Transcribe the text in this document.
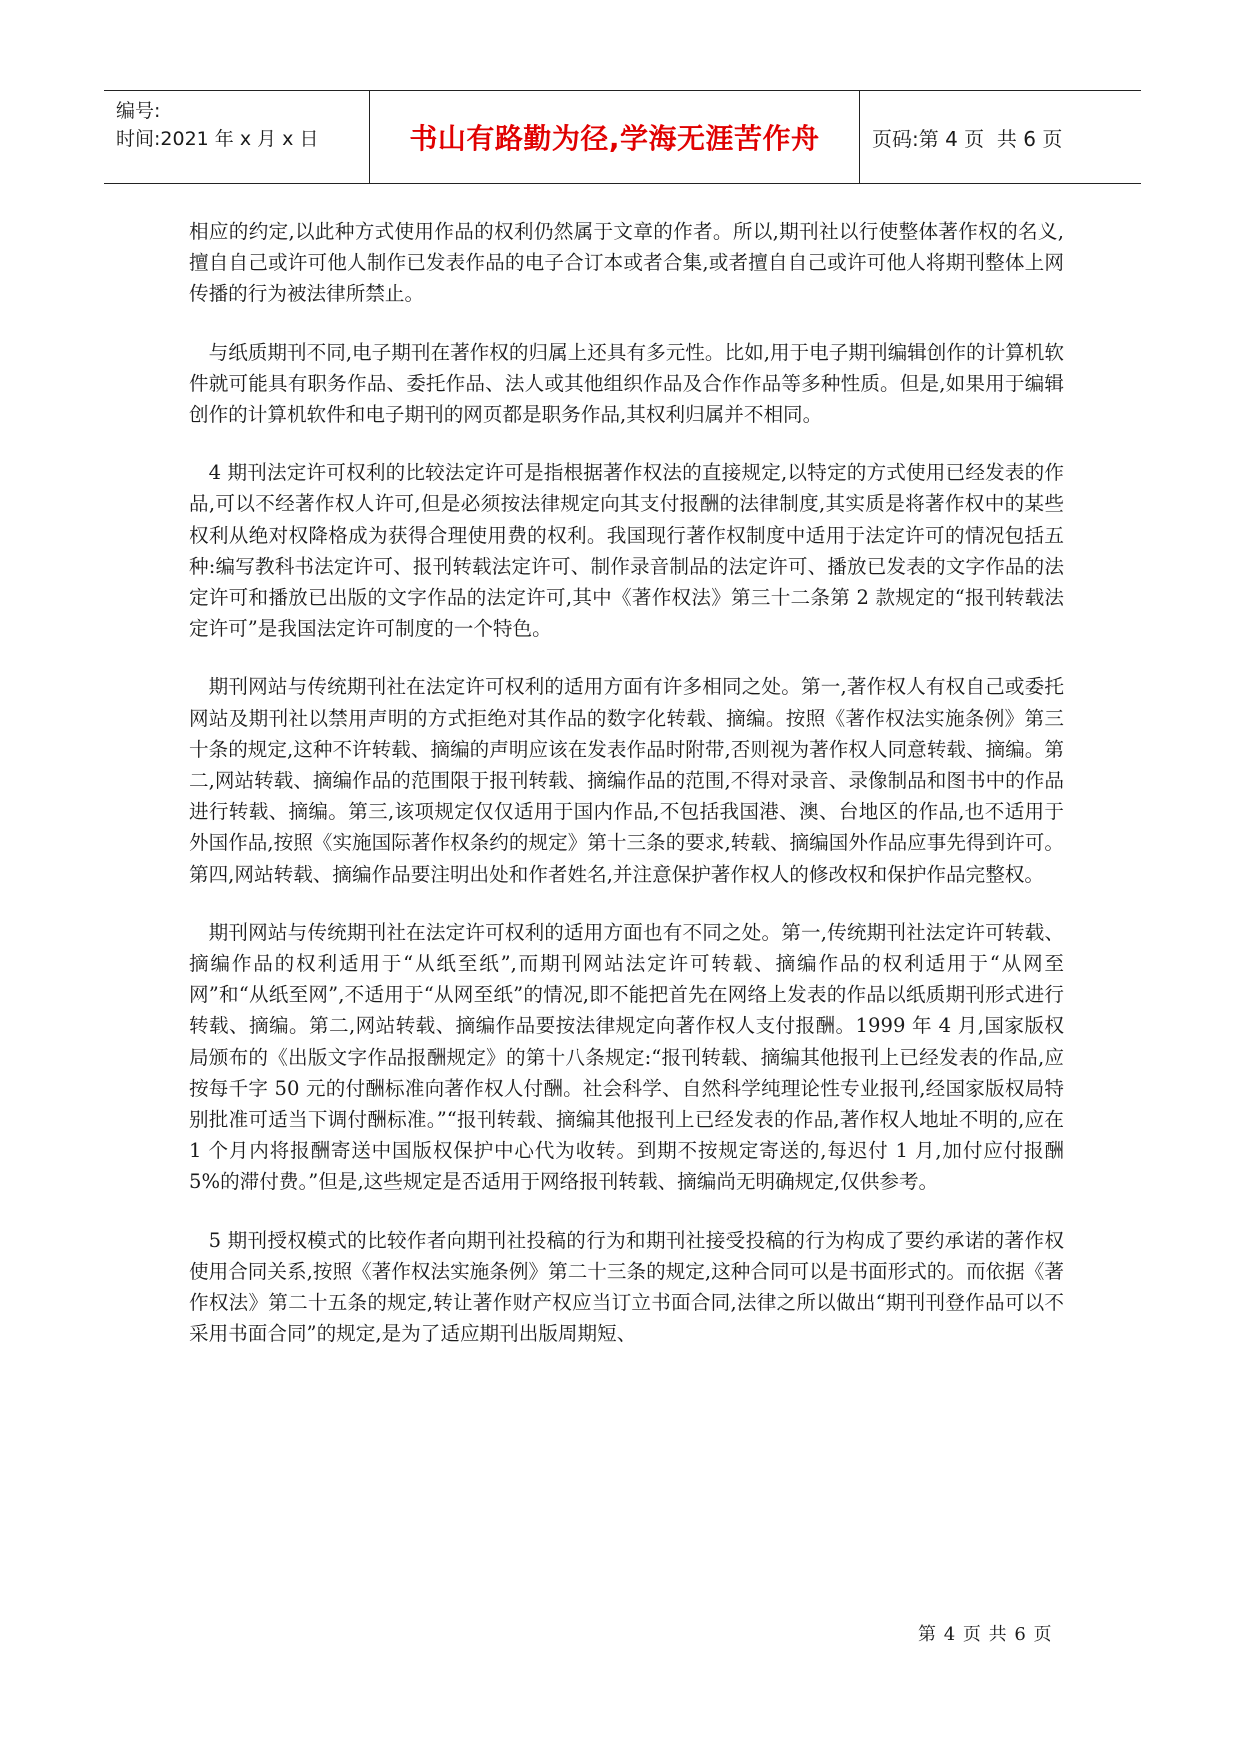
编号:
时间:2021 年 x 月 x 日	书山有路勤为径,学海无涯苦作舟	页码:第 4 页  共 6 页

相应的约定,以此种方式使用作品的权利仍然属于文章的作者。所以,期刊社以行使整体著作权的名义,擅自自己或许可他人制作已发表作品的电子合订本或者合集,或者擅自自己或许可他人将期刊整体上网传播的行为被法律所禁止。

与纸质期刊不同,电子期刊在著作权的归属上还具有多元性。比如,用于电子期刊编辑创作的计算机软件就可能具有职务作品、委托作品、法人或其他组织作品及合作作品等多种性质。但是,如果用于编辑创作的计算机软件和电子期刊的网页都是职务作品,其权利归属并不相同。

4 期刊法定许可权利的比较法定许可是指根据著作权法的直接规定,以特定的方式使用已经发表的作品,可以不经著作权人许可,但是必须按法律规定向其支付报酬的法律制度,其实质是将著作权中的某些权利从绝对权降格成为获得合理使用费的权利。我国现行著作权制度中适用于法定许可的情况包括五种:编写教科书法定许可、报刊转载法定许可、制作录音制品的法定许可、播放已发表的文字作品的法定许可和播放已出版的文字作品的法定许可,其中《著作权法》第三十二条第 2 款规定的“报刊转载法定许可”是我国法定许可制度的一个特色。

期刊网站与传统期刊社在法定许可权利的适用方面有许多相同之处。第一,著作权人有权自己或委托网站及期刊社以禁用声明的方式拒绝对其作品的数字化转载、摘编。按照《著作权法实施条例》第三十条的规定,这种不许转载、摘编的声明应该在发表作品时附带,否则视为著作权人同意转载、摘编。第二,网站转载、摘编作品的范围限于报刊转载、摘编作品的范围,不得对录音、录像制品和图书中的作品进行转载、摘编。第三,该项规定仅仅适用于国内作品,不包括我国港、澳、台地区的作品,也不适用于外国作品,按照《实施国际著作权条约的规定》第十三条的要求,转载、摘编国外作品应事先得到许可。第四,网站转载、摘编作品要注明出处和作者姓名,并注意保护著作权人的修改权和保护作品完整权。

期刊网站与传统期刊社在法定许可权利的适用方面也有不同之处。第一,传统期刊社法定许可转载、摘编作品的权利适用于“从纸至纸”,而期刊网站法定许可转载、摘编作品的权利适用于“从网至网”和“从纸至网”,不适用于“从网至纸”的情况,即不能把首先在网络上发表的作品以纸质期刊形式进行转载、摘编。第二,网站转载、摘编作品要按法律规定向著作权人支付报酬。1999 年 4 月,国家版权局颁布的《出版文字作品报酬规定》的第十八条规定:“报刊转载、摘编其他报刊上已经发表的作品,应按每千字 50 元的付酬标准向著作权人付酬。社会科学、自然科学纯理论性专业报刊,经国家版权局特别批准可适当下调付酬标准。”“报刊转载、摘编其他报刊上已经发表的作品,著作权人地址不明的,应在 1 个月内将报酬寄送中国版权保护中心代为收转。到期不按规定寄送的,每迟付 1 月,加付应付报酬 5%的滞付费。”但是,这些规定是否适用于网络报刊转载、摘编尚无明确规定,仅供参考。

5 期刊授权模式的比较作者向期刊社投稿的行为和期刊社接受投稿的行为构成了要约承诺的著作权使用合同关系,按照《著作权法实施条例》第二十三条的规定,这种合同可以是书面形式的。而依据《著作权法》第二十五条的规定,转让著作财产权应当订立书面合同,法律之所以做出“期刊刊登作品可以不采用书面合同”的规定,是为了适应期刊出版周期短、

第 4 页 共 6 页
